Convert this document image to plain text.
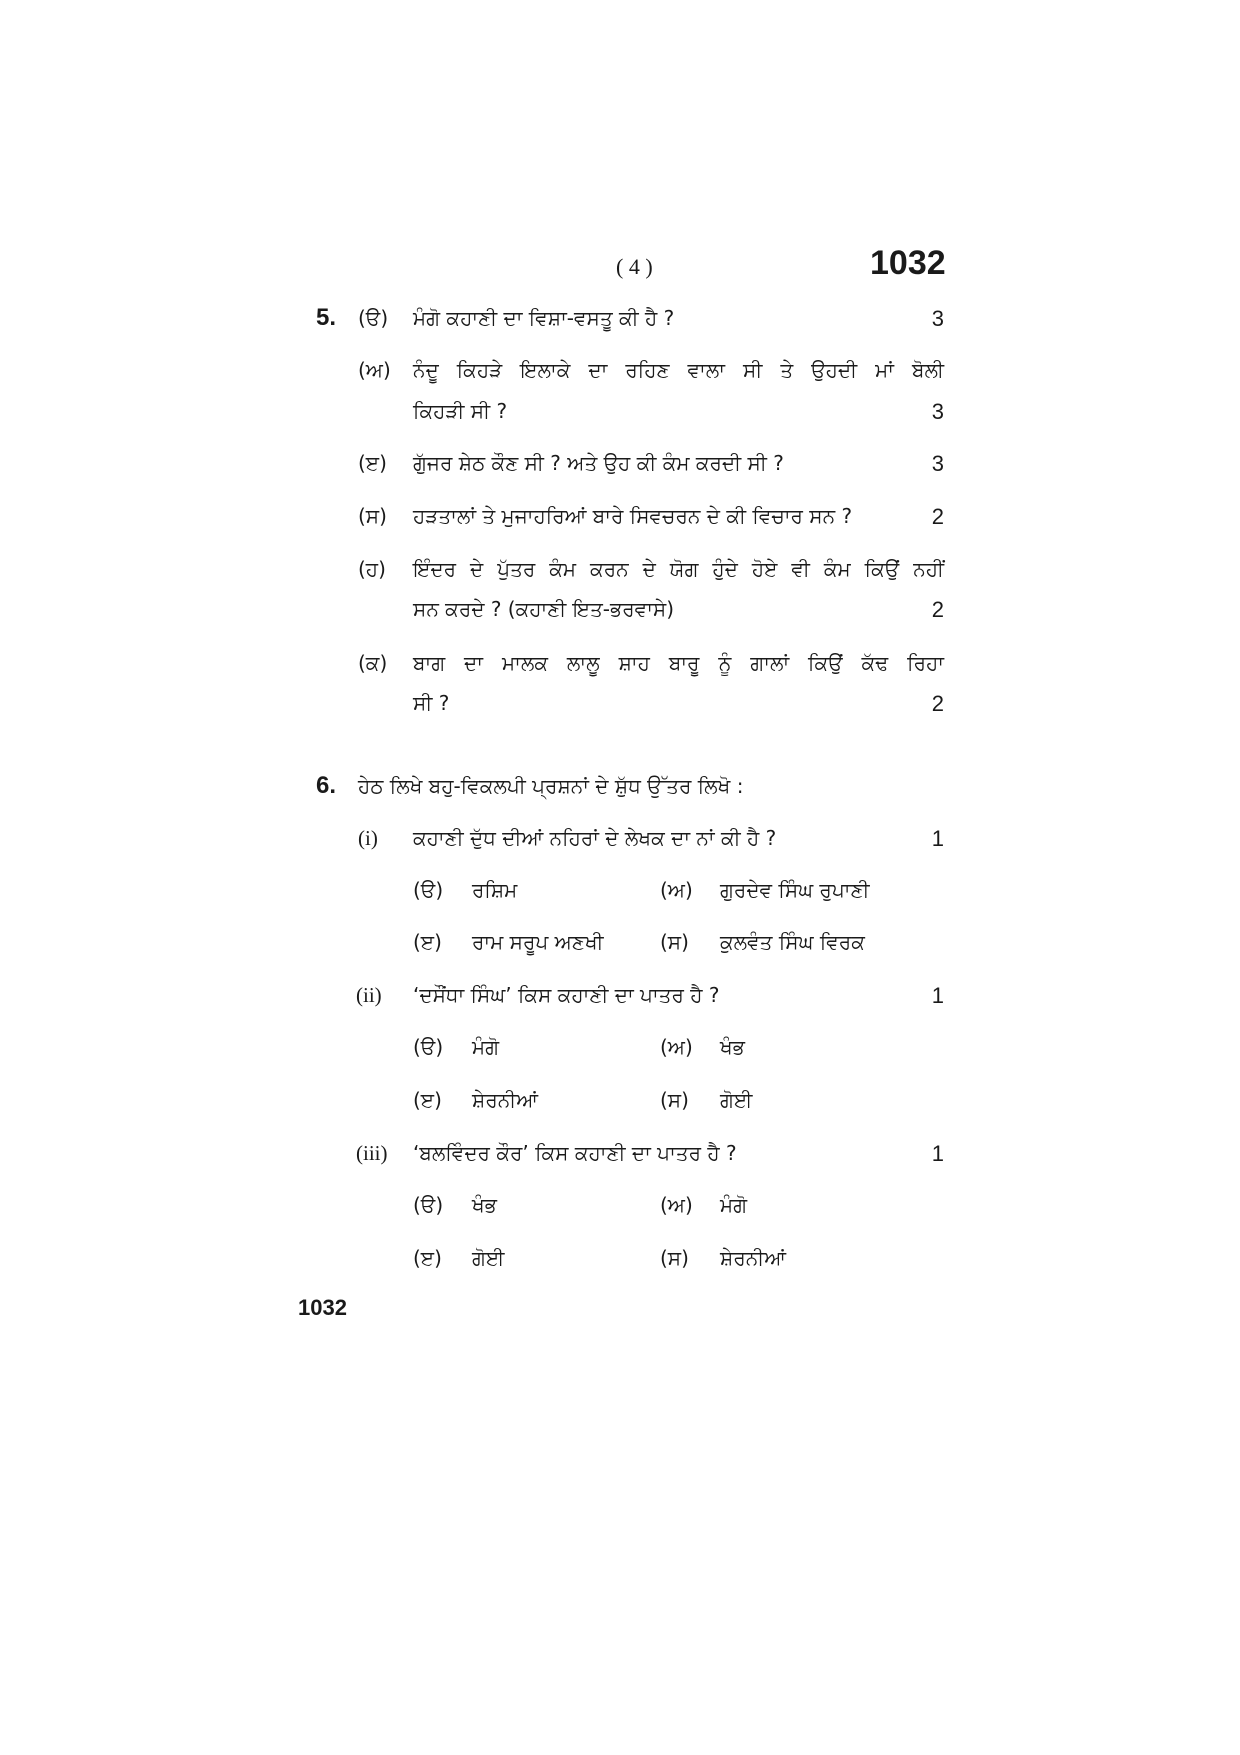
( 4 )	1032
5. (ੳ) ਮੰਗੋ ਕਹਾਣੀ ਦਾ ਵਿਸ਼ਾ-ਵਸਤੂ ਕੀ ਹੈ ?	3
(ਅ) ਨੰਦੂ ਕਿਹੜੇ ਇਲਾਕੇ ਦਾ ਰਹਿਣ ਵਾਲਾ ਸੀ ਤੇ ਉਹਦੀ ਮਾਂ ਬੋਲੀ
ਕਿਹੜੀ ਸੀ ?	3
(ੲ) ਗੁੱਜਰ ਸ਼ੇਠ ਕੌਣ ਸੀ ? ਅਤੇ ਉਹ ਕੀ ਕੰਮ ਕਰਦੀ ਸੀ ?	3
(ਸ) ਹੜਤਾਲਾਂ ਤੇ ਮੁਜਾਹਰਿਆਂ ਬਾਰੇ ਸਿਵਚਰਨ ਦੇ ਕੀ ਵਿਚਾਰ ਸਨ ?	2
(ਹ) ਇੰਦਰ ਦੇ ਪੁੱਤਰ ਕੰਮ ਕਰਨ ਦੇ ਯੋਗ ਹੁੰਦੇ ਹੋਏ ਵੀ ਕੰਮ ਕਿਉਂ ਨਹੀਂ
ਸਨ ਕਰਦੇ ? (ਕਹਾਣੀ ਇਤ-ਭਰਵਾਸੇ)	2
(ਕ) ਬਾਗ ਦਾ ਮਾਲਕ ਲਾਲੂ ਸ਼ਾਹ ਬਾਰੂ ਨੂੰ ਗਾਲਾਂ ਕਿਉਂ ਕੱਢ ਰਿਹਾ
ਸੀ ?	2
6. ਹੇਠ ਲਿਖੇ ਬਹੁ-ਵਿਕਲਪੀ ਪ੍ਰਸ਼ਨਾਂ ਦੇ ਸ਼ੁੱਧ ਉੱਤਰ ਲਿਖੋ :
(i) ਕਹਾਣੀ ਦੁੱਧ ਦੀਆਂ ਨਹਿਰਾਂ ਦੇ ਲੇਖਕ ਦਾ ਨਾਂ ਕੀ ਹੈ ?	1
(ੳ) ਰਸ਼ਿਮ	(ਅ) ਗੁਰਦੇਵ ਸਿੰਘ ਰੁਪਾਣੀ
(ੲ) ਰਾਮ ਸਰੂਪ ਅਣਖੀ	(ਸ) ਕੁਲਵੰਤ ਸਿੰਘ ਵਿਰਕ
(ii) ‘ਦਸੌਂਧਾ ਸਿੰਘ’ ਕਿਸ ਕਹਾਣੀ ਦਾ ਪਾਤਰ ਹੈ ?	1
(ੳ) ਮੰਗੋ	(ਅ) ਖੰਭ
(ੲ) ਸ਼ੇਰਨੀਆਂ	(ਸ) ਗੋਈ
(iii) ‘ਬਲਵਿੰਦਰ ਕੌਰ’ ਕਿਸ ਕਹਾਣੀ ਦਾ ਪਾਤਰ ਹੈ ?	1
(ੳ) ਖੰਭ	(ਅ) ਮੰਗੋ
(ੲ) ਗੋਈ	(ਸ) ਸ਼ੇਰਨੀਆਂ
1032
